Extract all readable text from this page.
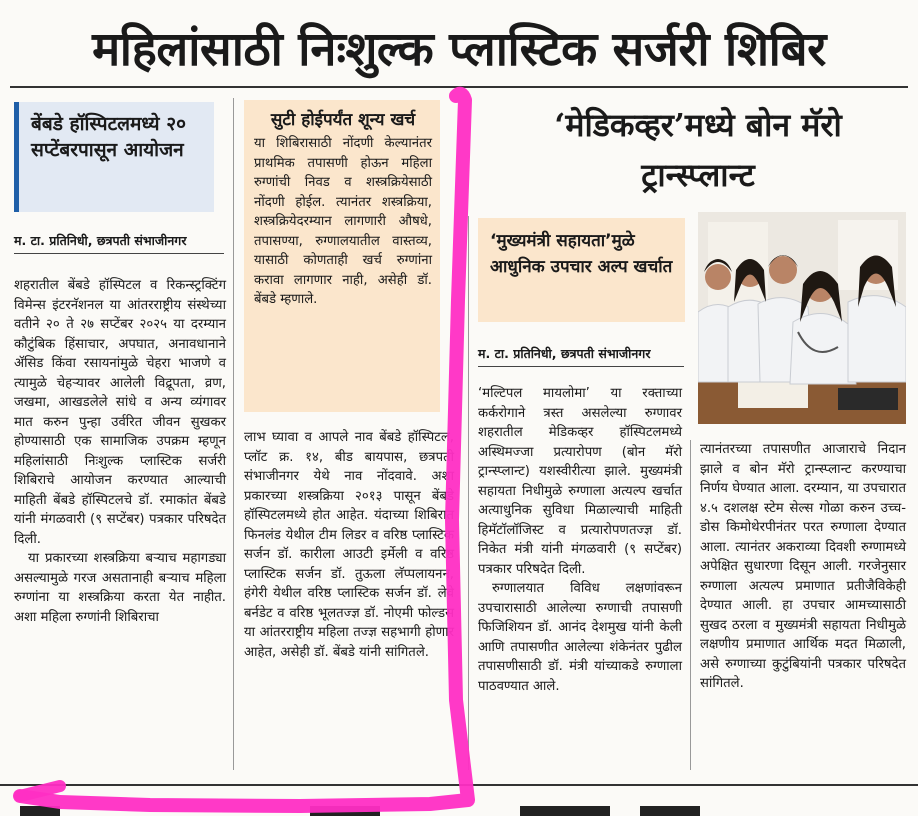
महिलांसाठी निःशुल्क प्लास्टिक सर्जरी शिबिर
बेंबडे हॉस्पिटलमध्ये २० सप्टेंबरपासून आयोजन
म. टा. प्रतिनिधी, छत्रपती संभाजीनगर

शहरातील बेंबडे हॉस्पिटल व रिकन्स्ट्रक्टिंग विमेन्स इंटरनॅशनल या आंतरराष्ट्रीय संस्थेच्या वतीने २० ते २७ सप्टेंबर २०२५ या दरम्यान कौटुंबिक हिंसाचार, अपघात, अनावधानाने ॲसिड किंवा रसायनांमुळे चेहरा भाजणे व त्यामुळे चेहऱ्यावर आलेली विद्रूपता, व्रण, जखमा, आखडलेले सांधे व अन्य व्यंगावर मात करुन पुन्हा उर्वरित जीवन सुखकर होण्यासाठी एक सामाजिक उपक्रम म्हणून महिलांसाठी निःशुल्क प्लास्टिक सर्जरी शिबिराचे आयोजन करण्यात आल्याची माहिती बेंबडे हॉस्पिटलचे डॉ. रमाकांत बेंबडे यांनी मंगळवारी (९ सप्टेंबर) पत्रकार परिषदेत दिली.

या प्रकारच्या शस्त्रक्रिया बऱ्याच महागड्या असल्यामुळे गरज असतानाही बऱ्याच महिला रुग्णांना या शस्त्रक्रिया करता येत नाहीत. अशा महिला रुग्णांनी शिबिराचा

सुटी होईपर्यंत शून्य खर्च
या शिबिरासाठी नोंदणी केल्यानंतर प्राथमिक तपासणी होऊन महिला रुग्णांची निवड व शस्त्रक्रियेसाठी नोंदणी होईल. त्यानंतर शस्त्रक्रिया, शस्त्रक्रियेदरम्यान लागणारी औषधे, तपासण्या, रुग्णालयातील वास्तव्य, यासाठी कोणताही खर्च रुग्णांना करावा लागणार नाही, असेही डॉ. बेंबडे म्हणाले.
लाभ घ्यावा व आपले नाव बेंबडे हॉस्पिटल, प्लॉट क्र. १४, बीड बायपास, छत्रपती संभाजीनगर येथे नाव नोंदवावे. अशा प्रकारच्या शस्त्रक्रिया २०१३ पासून बेंबडे हॉस्पिटलमध्ये होत आहेत. यंदाच्या शिबिरात फिनलंड येथील टीम लिडर व वरिष्ठ प्लास्टिक सर्जन डॉ. कारीला आउटी इर्मेली व वरिष्ठ प्लास्टिक सर्जन डॉ. तुऊला लॅप्पलायनन, हंगेरी येथील वरिष्ठ प्लास्टिक सर्जन डॉ. लेवे बर्नडेट व वरिष्ठ भूलतज्ज्ञ डॉ. नोएमी फोल्डस या आंतरराष्ट्रीय महिला तज्ज्ञ सहभागी होणार आहेत, असेही डॉ. बेंबडे यांनी सांगितले.
‘मेडिकव्हर’मध्ये बोन मॅरो ट्रान्स्प्लान्ट
‘मुख्यमंत्री सहायता’मुळे आधुनिक उपचार अल्प खर्चात
म. टा. प्रतिनिधी, छत्रपती संभाजीनगर

‘मल्टिपल मायलोमा’ या रक्ताच्या कर्करोगाने त्रस्त असलेल्या रुग्णावर शहरातील मेडिकव्हर हॉस्पिटलमध्ये अस्थिमज्जा प्रत्यारोपण (बोन मॅरो ट्रान्स्प्लान्ट) यशस्वीरीत्या झाले. मुख्यमंत्री सहायता निधीमुळे रुग्णाला अत्यल्प खर्चात अत्याधुनिक सुविधा मिळाल्याची माहिती हिमॅटॉलॉजिस्ट व प्रत्यारोपणतज्ज्ञ डॉ. निकेत मंत्री यांनी मंगळवारी (९ सप्टेंबर) पत्रकार परिषदेत दिली.

रुग्णालयात विविध लक्षणांवरून उपचारासाठी आलेल्या रुग्णाची तपासणी फिजिशियन डॉ. आनंद देशमुख यांनी केली आणि तपासणीत आलेल्या शंकेनंतर पुढील तपासणीसाठी डॉ. मंत्री यांच्याकडे रुग्णाला पाठवण्यात आले.

त्यानंतरच्या तपासणीत आजाराचे निदान झाले व बोन मॅरो ट्रान्स्प्लान्ट करण्याचा निर्णय घेण्यात आला. दरम्यान, या उपचारात ४.५ दशलक्ष स्टेम सेल्स गोळा करुन उच्च-डोस किमोथेरपीनंतर परत रुग्णाला देण्यात आला. त्यानंतर अकराव्या दिवशी रुग्णामध्ये अपेक्षित सुधारणा दिसून आली. गरजेनुसार रुग्णाला अत्यल्प प्रमाणात प्रतीजैविकेही देण्यात आली. हा उपचार आमच्यासाठी सुखद ठरला व मुख्यमंत्री सहायता निधीमुळे लक्षणीय प्रमाणात आर्थिक मदत मिळाली, असे रुग्णाच्या कुटुंबियांनी पत्रकार परिषदेत सांगितले.
